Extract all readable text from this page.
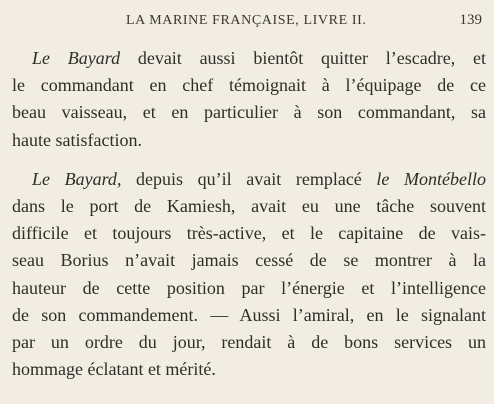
LA MARINE FRANÇAISE, LIVRE II.	139

Le Bayard devait aussi bientôt quitter l’escadre, et
le commandant en chef témoignait à l’équipage de ce
beau vaisseau, et en particulier à son commandant, sa
haute satisfaction.

Le Bayard, depuis qu’il avait remplacé le Montébello
dans le port de Kamiesh, avait eu une tâche souvent
difficile et toujours très-active, et le capitaine de vais-
seau Borius n’avait jamais cessé de se montrer à la
hauteur de cette position par l’énergie et l’intelligence
de son commandement. — Aussi l’amiral, en le signalant
par un ordre du jour, rendait à de bons services un
hommage éclatant et mérité.
